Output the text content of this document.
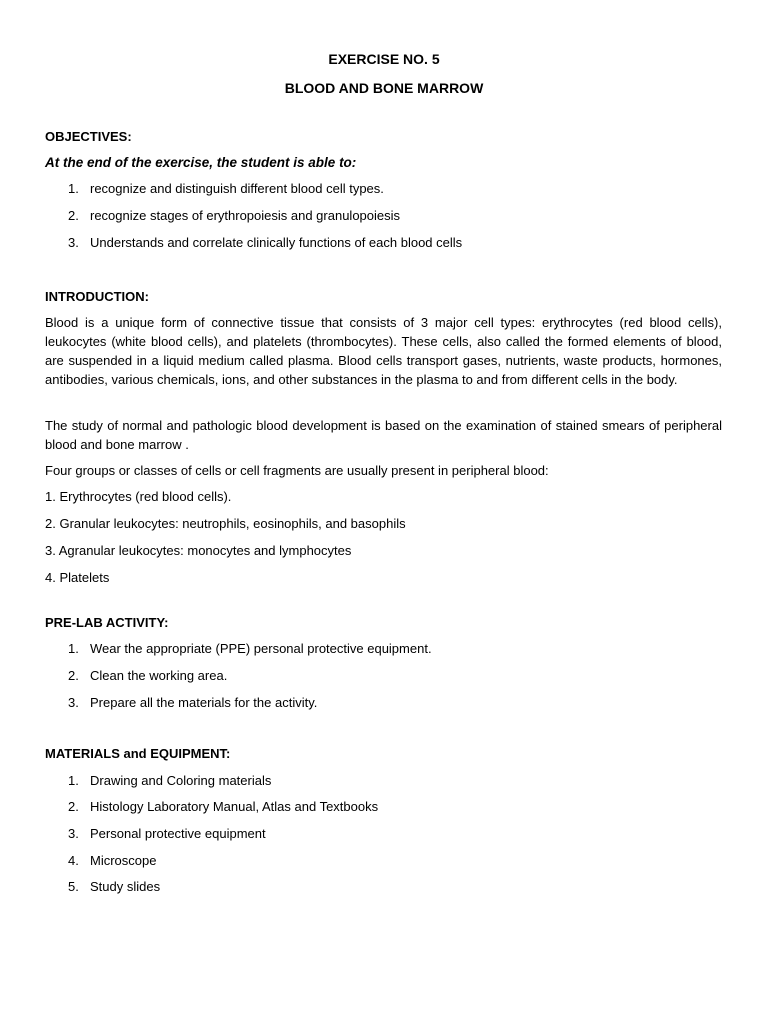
EXERCISE NO. 5
BLOOD AND BONE MARROW
OBJECTIVES:
At the end of the exercise, the student is able to:
1. recognize and distinguish different blood cell types.
2. recognize stages of erythropoiesis and granulopoiesis
3. Understands and correlate clinically functions of each blood cells
INTRODUCTION:
Blood is a unique form of connective tissue that consists of 3 major cell types: erythrocytes (red blood cells), leukocytes (white blood cells), and platelets (thrombocytes). These cells, also called the formed elements of blood, are suspended in a liquid medium called plasma. Blood cells transport gases, nutrients, waste products, hormones, antibodies, various chemicals, ions, and other substances in the plasma to and from different cells in the body.
The study of normal and pathologic blood development is based on the examination of stained smears of peripheral blood and bone marrow .
Four groups or classes of cells or cell fragments are usually present in peripheral blood:
1. Erythrocytes (red blood cells).
2. Granular leukocytes: neutrophils, eosinophils, and basophils
3. Agranular leukocytes: monocytes and lymphocytes
4. Platelets
PRE-LAB ACTIVITY:
1. Wear the appropriate (PPE) personal protective equipment.
2. Clean the working area.
3. Prepare all the materials for the activity.
MATERIALS and EQUIPMENT:
1. Drawing and Coloring materials
2. Histology Laboratory Manual, Atlas and Textbooks
3. Personal protective equipment
4. Microscope
5. Study slides
